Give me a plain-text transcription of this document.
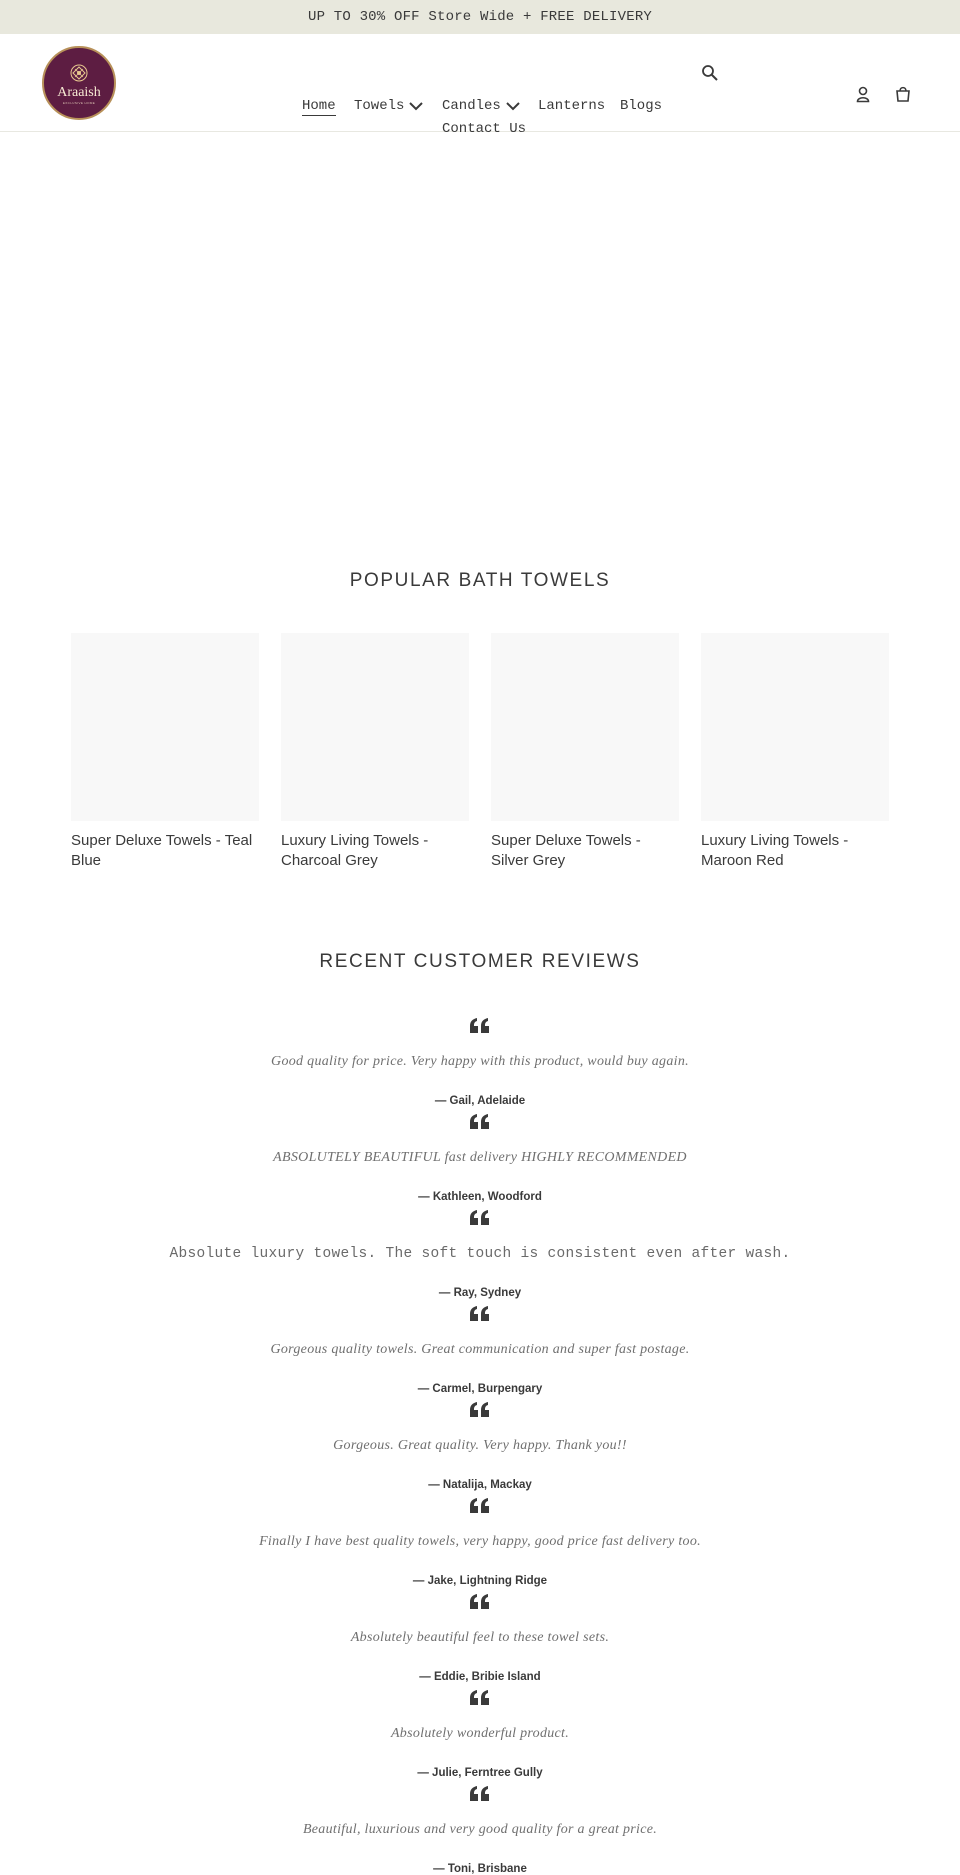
UP TO 30% OFF Store Wide + FREE DELIVERY
Araaish
EXCLUSIVE HOME	Home Towels	Candles	Lanterns Blogs
Contact Us
POPULAR BATH TOWELS
Super Deluxe Towels - Teal Blue
Luxury Living Towels - Charcoal Grey
Super Deluxe Towels - Silver Grey
Luxury Living Towels - Maroon Red
RECENT CUSTOMER REVIEWS
Good quality for price. Very happy with this product, would buy again.
— Gail, Adelaide
ABSOLUTELY BEAUTIFUL fast delivery HIGHLY RECOMMENDED
— Kathleen, Woodford
Absolute luxury towels. The soft touch is consistent even after wash.
— Ray, Sydney
Gorgeous quality towels. Great communication and super fast postage.
— Carmel, Burpengary
Gorgeous. Great quality. Very happy. Thank you!!
— Natalija, Mackay
Finally I have best quality towels, very happy, good price fast delivery too.
— Jake, Lightning Ridge
Absolutely beautiful feel to these towel sets.
— Eddie, Bribie Island
Absolutely wonderful product.
— Julie, Ferntree Gully
Beautiful, luxurious and very good quality for a great price.
— Toni, Brisbane
